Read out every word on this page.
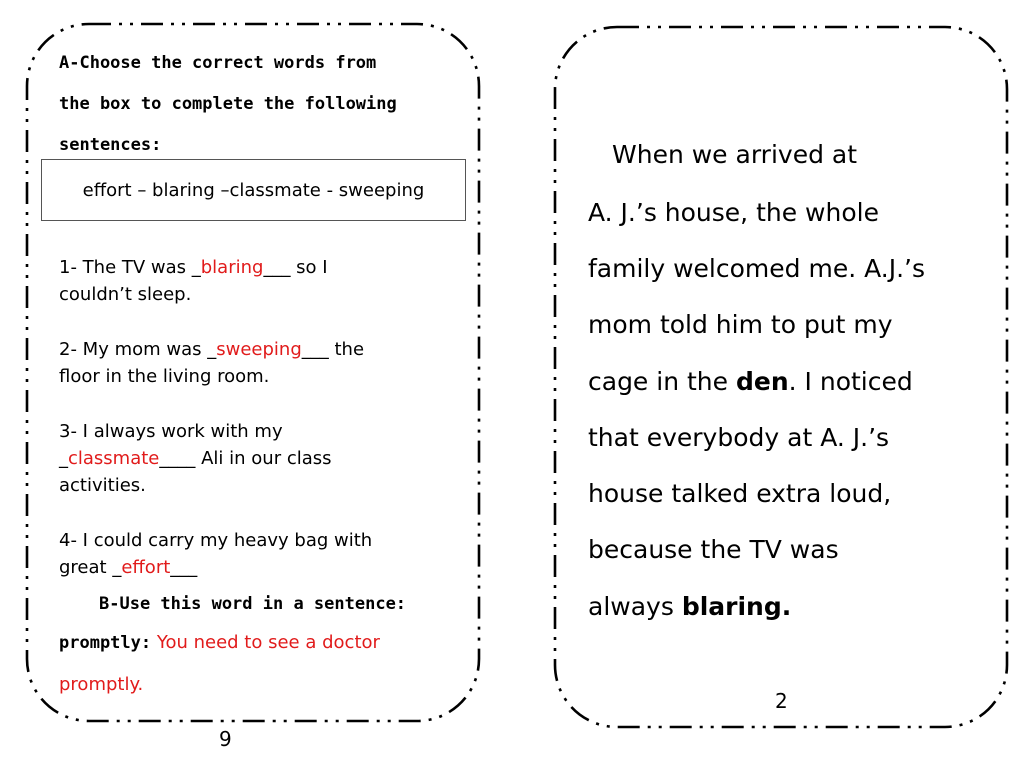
A-Choose the correct words from
the box to complete the following
sentences:
effort – blaring –classmate - sweeping
1- The TV was _blaring___ so I
couldn’t sleep.
2- My mom was _sweeping___ the
floor in the living room.
3- I always work with my
_classmate____ Ali in our class
activities.
4- I could carry my heavy bag with
great _effort___
B-Use this word in a sentence:
promptly: You need to see a doctor
promptly.
9
When we arrived at
A. J.’s house, the whole
family welcomed me. A.J.’s
mom told him to put my
cage in the den. I noticed
that everybody at A. J.’s
house talked extra loud,
because the TV was
always blaring.
2
